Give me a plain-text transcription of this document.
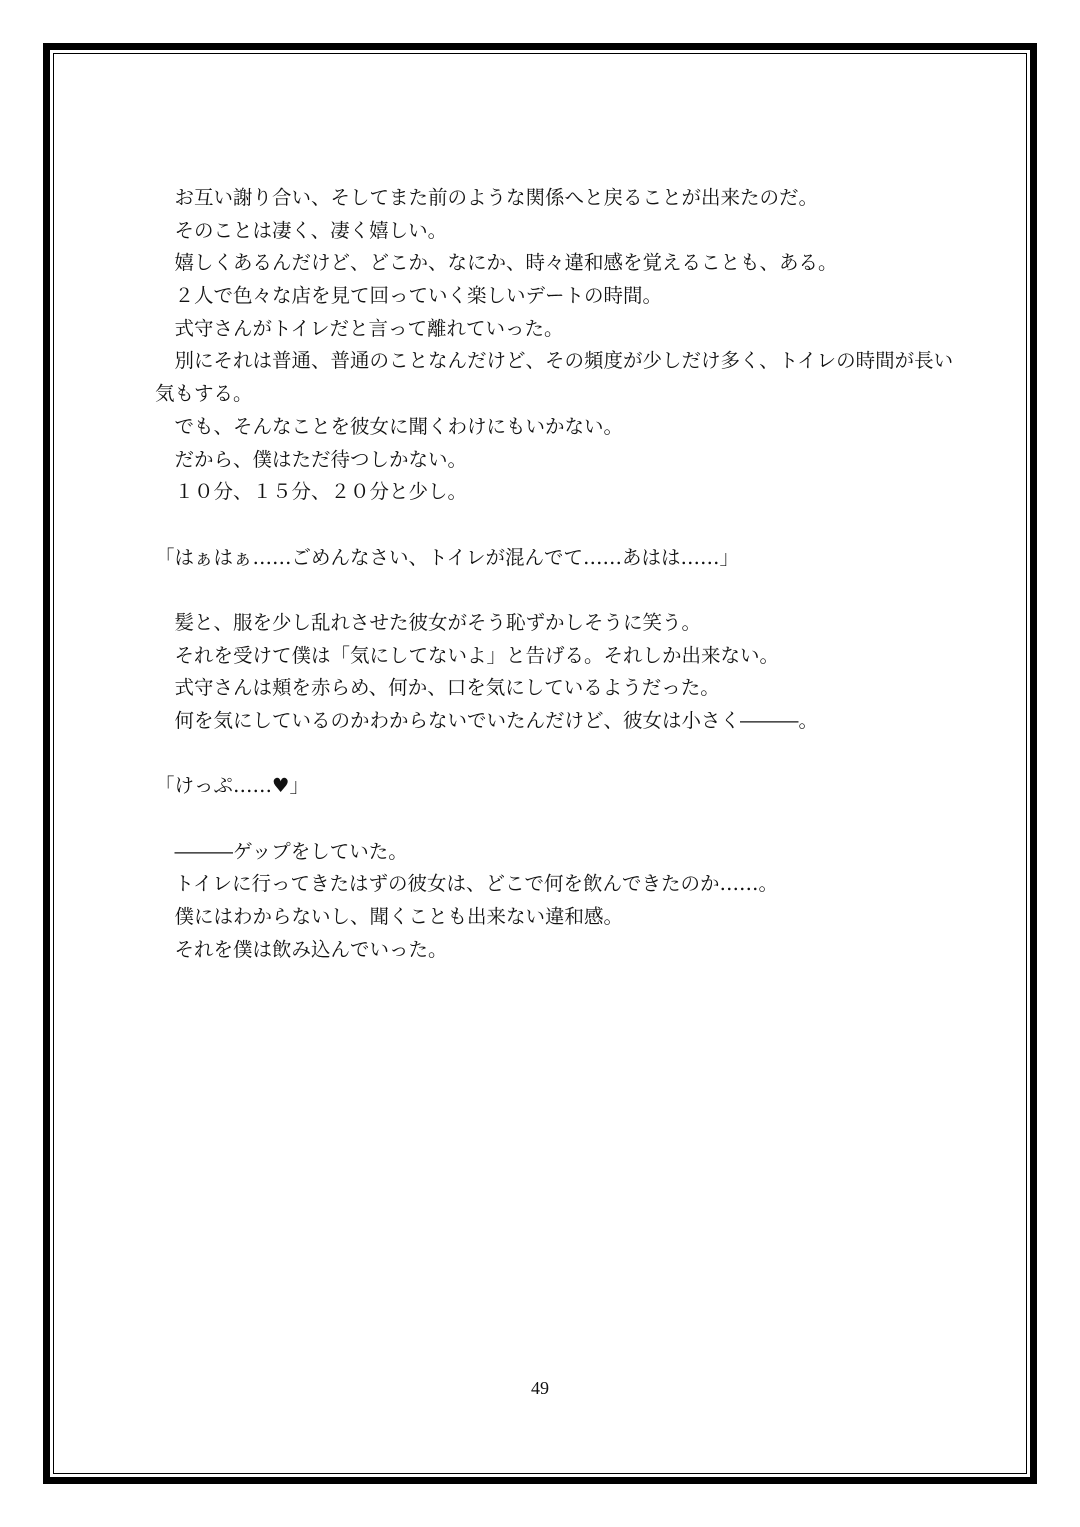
　お互い謝り合い、そしてまた前のような関係へと戻ることが出来たのだ。
　そのことは凄く、凄く嬉しい。
　嬉しくあるんだけど、どこか、なにか、時々違和感を覚えることも、ある。
　２人で色々な店を見て回っていく楽しいデートの時間。
　式守さんがトイレだと言って離れていった。
　別にそれは普通、普通のことなんだけど、その頻度が少しだけ多く、トイレの時間が長い
気もする。
　でも、そんなことを彼女に聞くわけにもいかない。
　だから、僕はただ待つしかない。
　１０分、１５分、２０分と少し。
「はぁはぁ……ごめんなさい、トイレが混んでて……あはは……」
　髪と、服を少し乱れさせた彼女がそう恥ずかしそうに笑う。
　それを受けて僕は「気にしてないよ」と告げる。それしか出来ない。
　式守さんは頬を赤らめ、何か、口を気にしているようだった。
　何を気にしているのかわからないでいたんだけど、彼女は小さく―――。
「けっぷ……♥」
　―――ゲップをしていた。
　トイレに行ってきたはずの彼女は、どこで何を飲んできたのか……。
　僕にはわからないし、聞くことも出来ない違和感。
　それを僕は飲み込んでいった。
49
